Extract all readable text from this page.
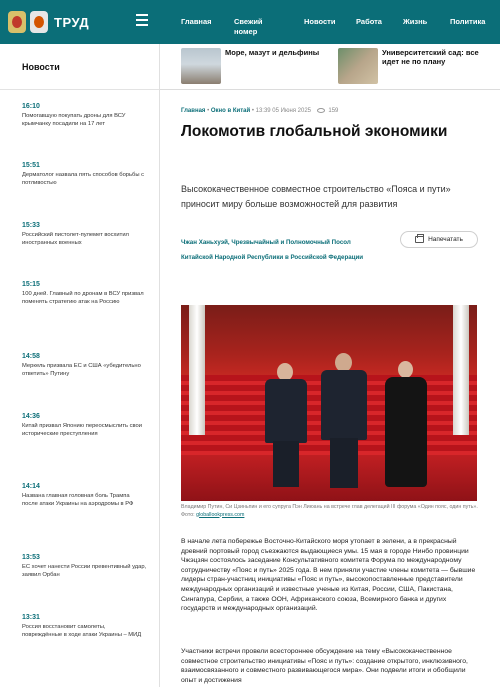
ТРУД	Главная	Свежий номер
Новости	Работа	Жизнь	Политика
Море, мазут и дельфины	Университетский сад: все идет не по плану
Новости
16:10
Помогавшую покупать дроны для ВСУ крымчанку посадили на 17 лет
15:51
Дерматолог назвала пять способов борьбы с потливостью
15:33
Российский пистолет-пулемет восхитил иностранных военных
15:15
100 дней. Главный по дронам в ВСУ призвал поменять стратегию атак на Россию
14:58
Меркель призвала ЕС и США «убедительно ответить» Путину
14:36
Китай призвал Японию переосмыслить свои исторические преступления
14:14
Названа главная головная боль Трампа после атаки Украины на аэродромы в РФ
13:53
ЕС хочет нанести России превентивный удар, заявил Орбан
13:31
Россия восстановит самолеты, повреждённые в ходе атаки Украины – МИД
Главная • Окно в Китай • 13:39 05 Июня 2025	159
Локомотив глобальной экономики

Высококачественное совместное строительство «Пояса и пути» приносит миру больше возможностей для развития

Чжан Ханьхуэй, Чрезвычайный и Полномочный Посол Китайской Народной Республики в Российской Федерации
Напечатать
Владимир Путин, Си Цзиньпин и его супруга Пэн Лиюань на встрече глав делегаций III форума «Один пояс, один путь». Фото: globallookpress.com

В начале лета побережье Восточно-Китайского моря утопает в зелени, а в прекрасный древний портовый город съезжаются выдающиеся умы. 15 мая в городе Нинбо провинции Чжэцзян состоялось заседание Консультативного комитета Форума по международному сотрудничеству «Пояс и путь» 2025 года. В нем приняли участие члены комитета — бывшие лидеры стран-участниц инициативы «Пояс и путь», высокопоставленные представители международных организаций и известные ученые из Китая, России, США, Пакистана, Сингапура, Сербии, а также ООН, Африканского союза, Всемирного банка и других государств и международных организаций.

Участники встречи провели всестороннее обсуждение на тему «Высококачественное совместное строительство инициативы «Пояс и путь»: создание открытого, инклюзивного, взаимосвязанного и совместного развивающегося мира». Они подвели итоги и обобщили опыт и достижения
